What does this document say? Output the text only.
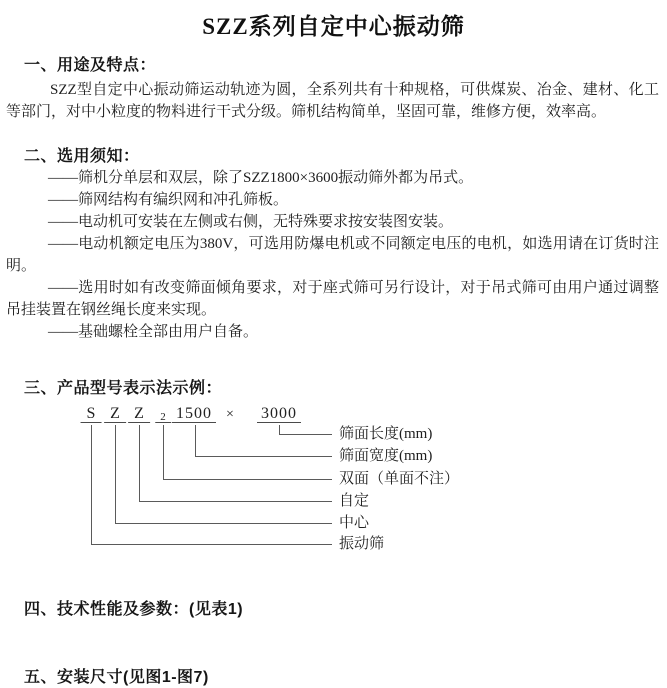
SZZ系列自定中心振动筛
一、用途及特点：

SZZ型自定中心振动筛运动轨迹为圆，全系列共有十种规格，可供煤炭、冶金、建材、化工等部门，对中小粒度的物料进行干式分级。筛机结构简单，坚固可靠，维修方便，效率高。

二、选用须知：

——筛机分单层和双层，除了SZZ1800×3600振动筛外都为吊式。

——筛网结构有编织网和冲孔筛板。

——电动机可安装在左侧或右侧，无特殊要求按安装图安装。

——电动机额定电压为380V，可选用防爆电机或不同额定电压的电机，如选用请在订货时注明。

——选用时如有改变筛面倾角要求，对于座式筛可另行设计，对于吊式筛可由用户通过调整吊挂装置在钢丝绳长度来实现。

——基础螺栓全部由用户自备。

三、产品型号表示法示例：
S Z Z	2 1500 × 3000
筛面长度(mm)
筛面宽度(mm)
双面（单面不注）
自定
中心
振动筛
四、技术性能及参数：(见表1)
五、安装尺寸(见图1-图7)
